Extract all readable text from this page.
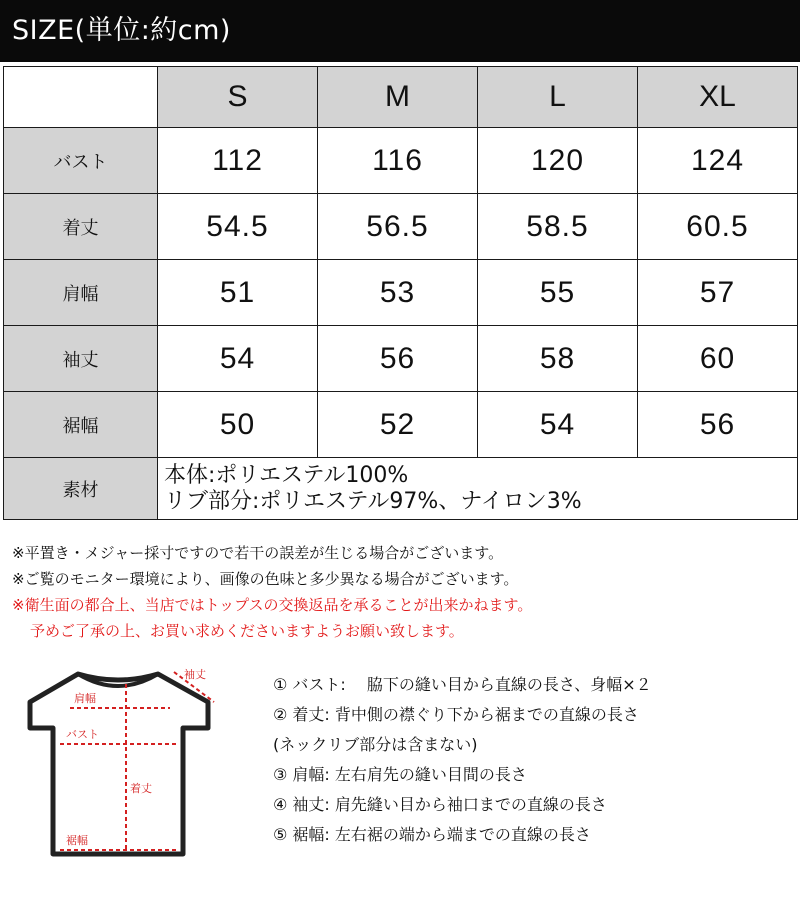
SIZE(単位:約cm)
	S	M	L	XL
バスト	112	116	120	124
着丈	54.5	56.5	58.5	60.5
肩幅	51	53	55	57
袖丈	54	56	58	60
裾幅	50	52	54	56
素材	本体:ポリエステル100%
リブ部分:ポリエステル97%、ナイロン3%			
※平置き・メジャー採寸ですので若干の誤差が生じる場合がございます。
※ご覧のモニター環境により、画像の色味と多少異なる場合がございます。
※衛生面の都合上、当店ではトップスの交換返品を承ることが出来かねます。
予めご了承の上、お買い求めくださいますようお願い致します。
肩幅
袖丈
バスト
着丈
裾幅
① バスト:　 脇下の縫い目から直線の長さ、身幅×２
② 着丈: 背中側の襟ぐり下から裾までの直線の長さ
(ネックリブ部分は含まない)
③ 肩幅: 左右肩先の縫い目間の長さ
④ 袖丈: 肩先縫い目から袖口までの直線の長さ
⑤ 裾幅: 左右裾の端から端までの直線の長さ
